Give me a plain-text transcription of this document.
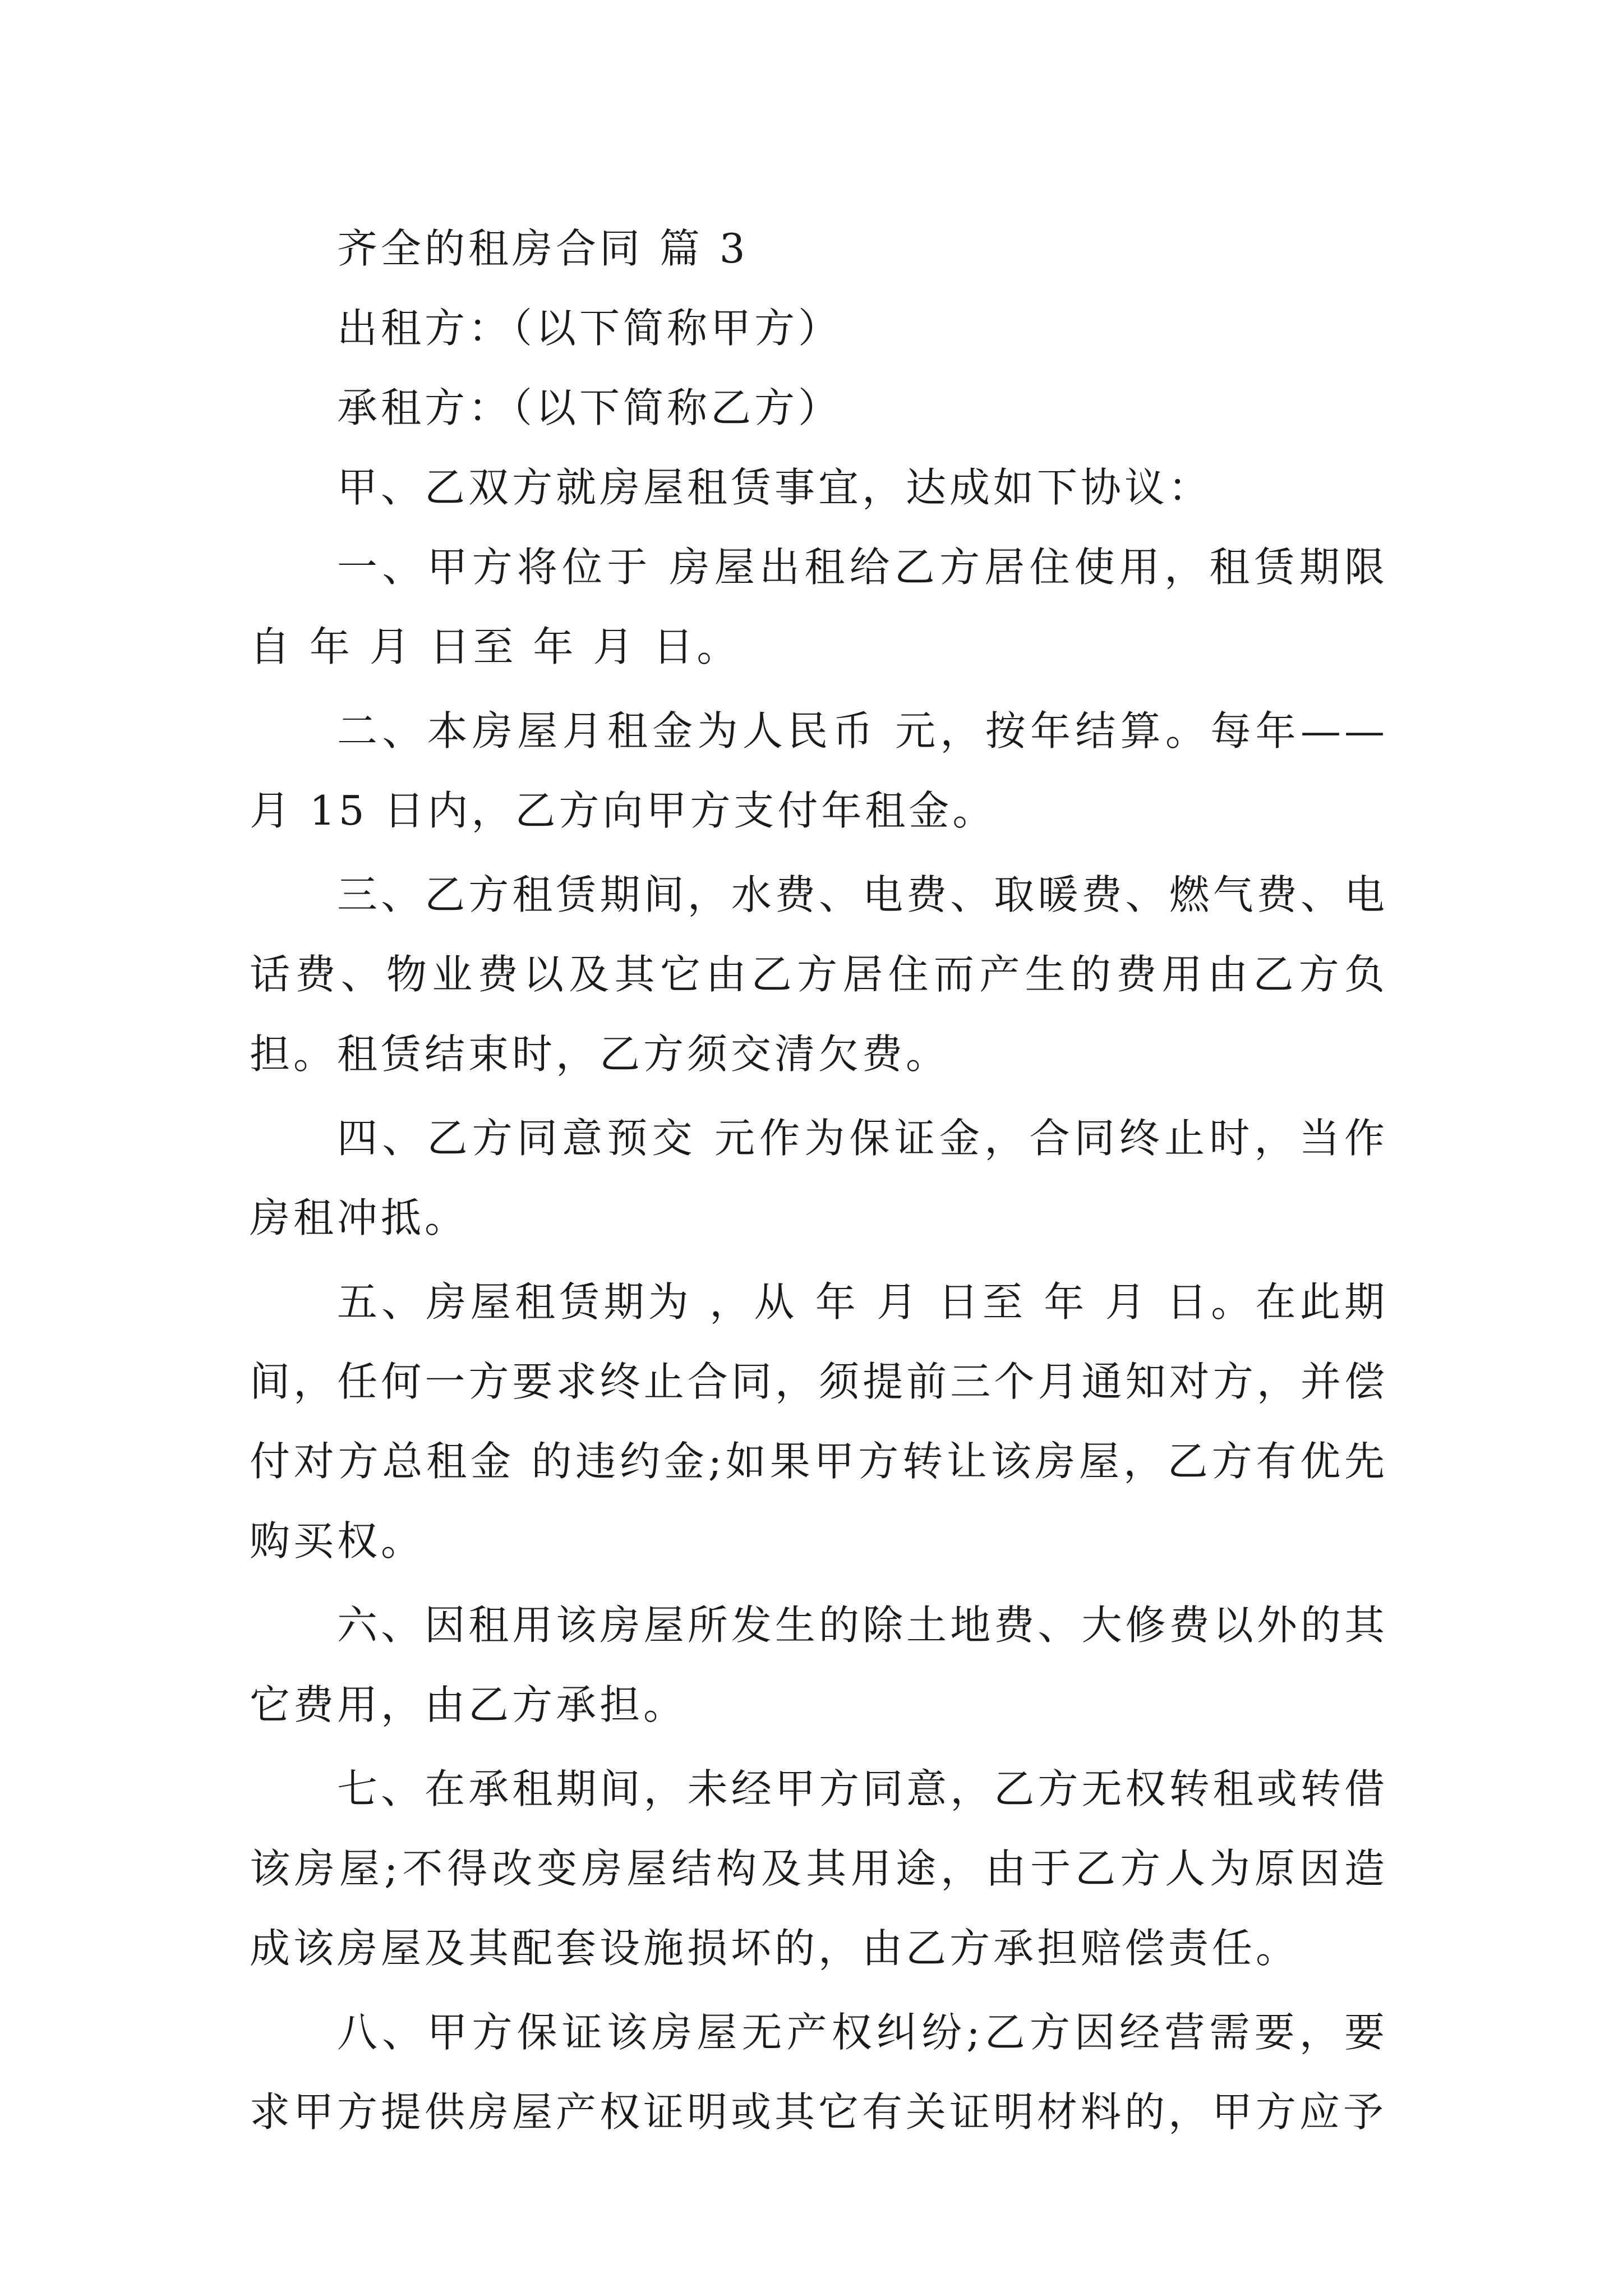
齐全的租房合同 篇 3

出租方：（以下简称甲方）

承租方：（以下简称乙方）

甲、乙双方就房屋租赁事宜，达成如下协议：

一、甲方将位于 房屋出租给乙方居住使用，租赁期限自 年 月 日至 年 月 日。

二、本房屋月租金为人民币 元，按年结算。每年——月 15 日内，乙方向甲方支付年租金。

三、乙方租赁期间，水费、电费、取暖费、燃气费、电话费、物业费以及其它由乙方居住而产生的费用由乙方负担。租赁结束时，乙方须交清欠费。

四、乙方同意预交 元作为保证金，合同终止时，当作房租冲抵。

五、房屋租赁期为 ，从 年 月 日至 年 月 日。在此期间，任何一方要求终止合同，须提前三个月通知对方，并偿付对方总租金 的违约金;如果甲方转让该房屋，乙方有优先购买权。

六、因租用该房屋所发生的除土地费、大修费以外的其它费用，由乙方承担。

七、在承租期间，未经甲方同意，乙方无权转租或转借该房屋;不得改变房屋结构及其用途，由于乙方人为原因造成该房屋及其配套设施损坏的，由乙方承担赔偿责任。

八、甲方保证该房屋无产权纠纷;乙方因经营需要，要求甲方提供房屋产权证明或其它有关证明材料的，甲方应予
